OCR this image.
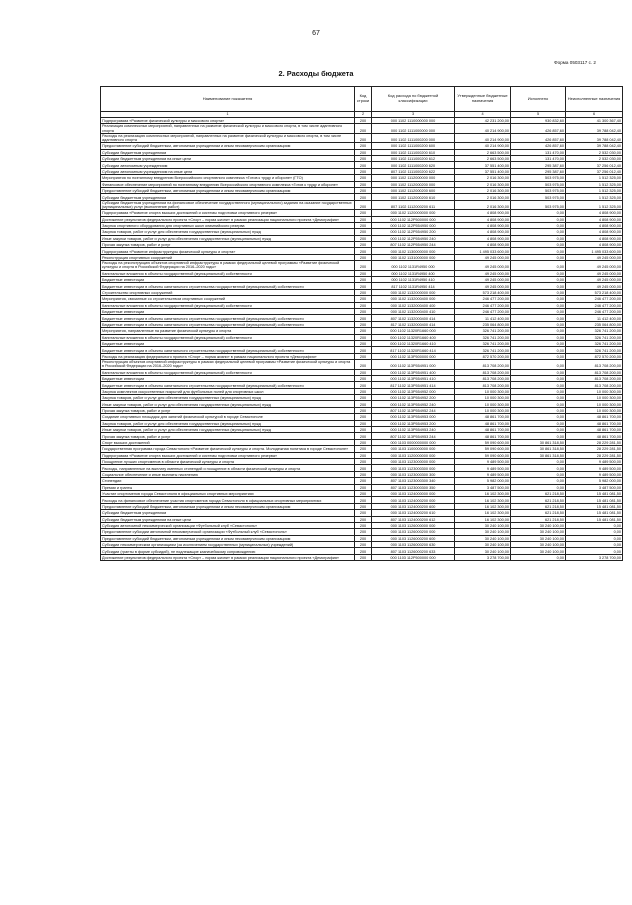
67
Форма 0503117 с. 2
2. Расходы бюджета
Наименование показателя	Код строки	Код расхода по бюджетной классификации	Утвержденные бюджетные назначения	Исполнено	Неисполненные назначения
1	2	3	4	5	6
Подпрограмма «Развитие физической культуры и массового спорта»	200	000 1102 1110000000 000	42 231 200,00	930 832,60	41 300 367,40
Реализация комплексных мероприятий, направленных на развитие физической культуры и массового спорта, в том числе адаптивного спорта	200	000 1102 1111000000 000	40 214 900,00	426 857,60	39 788 042,40
Расходы на реализацию комплексных мероприятий, направленных на развитие физической культуры и массового спорта, в том числе адаптивного спорта	200	000 1102 1111000200 000	40 214 900,00	426 857,60	39 788 042,40
Предоставление субсидий бюджетным, автономным учреждениям и иным некоммерческим организациям	200	000 1102 1111000200 600	40 214 900,00	426 857,60	39 788 042,40
Субсидии бюджетным учреждениям	200	000 1102 1111000200 610	2 663 500,00	131 470,00	2 532 030,00
Субсидии бюджетным учреждениям на иные цели	200	000 1102 1111000200 612	2 663 500,00	131 470,00	2 532 030,00
Субсидии автономным учреждениям	200	000 1102 1111000200 620	37 551 400,00	295 387,60	37 256 012,40
Субсидии автономным учреждениям на иные цели	200	807 1102 1111000200 622	37 551 400,00	295 387,60	37 256 012,40
Мероприятия по поэтапному внедрению Всероссийского спортивного комплекса «Готов к труду и обороне» (ГТО)	200	000 1102 1112000000 000	2 016 300,00	503 975,00	1 512 325,00
Финансовое обеспечение мероприятий по поэтапному внедрению Всероссийского спортивного комплекса «Готов к труду и обороне»	200	000 1102 1112000200 000	2 016 300,00	503 975,00	1 512 325,00
Предоставление субсидий бюджетным, автономным учреждениям и иным некоммерческим организациям	200	000 1102 1112000200 600	2 016 300,00	503 975,00	1 512 325,00
Субсидии бюджетным учреждениям	200	000 1102 1112000200 610	2 016 300,00	503 975,00	1 512 325,00
Субсидии бюджетным учреждениям на финансовое обеспечение государственного (муниципального) задания на оказание государственных (муниципальных) услуг (выполнение работ)	200	807 1102 1112000200 611	2 016 300,00	503 975,00	1 512 325,00
Подпрограмма «Развитие спорта высших достижений и системы подготовки спортивного резерва»	200	000 1102 1120000000 000	4 808 900,00	0,00	4 808 900,00
Достижение результатов федерального проекта «Спорт – норма жизни» в рамках реализации национального проекта «Демография»	200	000 1102 112P500000 000	4 808 900,00	0,00	4 808 900,00
Закупка спортивного оборудования для спортивных школ олимпийского резерва	200	000 1102 112P554950 000	4 808 900,00	0,00	4 808 900,00
Закупка товаров, работ и услуг для обеспечения государственных (муниципальных) нужд	200	000 1102 112P554950 200	4 808 900,00	0,00	4 808 900,00
Иные закупки товаров, работ и услуг для обеспечения государственных (муниципальных) нужд	200	000 1102 112P554950 240	4 808 900,00	0,00	4 808 900,00
Прочая закупка товаров, работ и услуг	200	807 1102 112P554950 244	4 808 900,00	0,00	4 808 900,00
Подпрограмма «Развитие инфраструктуры физической культуры и спорта»	200	000 1102 1130000000 000	1 495 033 600,00	0,00	1 495 033 600,00
Реконструкция спортивных сооружений	200	000 1102 1131000000 000	49 245 000,00	0,00	49 245 000,00
Расходы на реконструкцию объектов спортивной инфраструктуры в рамках федеральной целевой программы «Развитие физической культуры и спорта в Российской Федерации на 2016–2020 годы»	200	000 1102 1131R4950 000	49 245 000,00	0,00	49 245 000,00
Капитальные вложения в объекты государственной (муниципальной) собственности	200	000 1102 1131R4950 400	49 245 000,00	0,00	49 245 000,00
Бюджетные инвестиции	200	000 1102 1131R4950 410	49 245 000,00	0,00	49 245 000,00
Бюджетные инвестиции в объекты капитального строительства государственной (муниципальной) собственности	200	817 1102 1131R4950 414	49 245 000,00	0,00	49 245 000,00
Строительство спортивных сооружений	200	000 1102 1132000000 000	573 218 400,00	0,00	573 218 400,00
Мероприятия, связанные со строительством спортивных сооружений	200	000 1102 1132000400 000	246 477 200,00	0,00	246 477 200,00
Капитальные вложения в объекты государственной (муниципальной) собственности	200	000 1102 1132000400 400	246 477 200,00	0,00	246 477 200,00
Бюджетные инвестиции	200	000 1102 1132000400 410	246 477 200,00	0,00	246 477 200,00
Бюджетные инвестиции в объекты капитального строительства государственной (муниципальной) собственности	200	807 1102 1132000400 414	11 412 400,00	0,00	11 412 400,00
Бюджетные инвестиции в объекты капитального строительства государственной (муниципальной) собственности	200	817 1102 1132000400 414	235 064 800,00	0,00	235 064 800,00
Мероприятия, направленные на развитие физической культуры и спорта	200	000 1102 11320R1660 000	326 741 200,00	0,00	326 741 200,00
Капитальные вложения в объекты государственной (муниципальной) собственности	200	000 1102 11320R1660 400	326 741 200,00	0,00	326 741 200,00
Бюджетные инвестиции	200	000 1102 11320R1660 410	326 741 200,00	0,00	326 741 200,00
Бюджетные инвестиции в объекты капитального строительства государственной (муниципальной) собственности	200	817 1102 11320R1660 414	326 741 200,00	0,00	326 741 200,00
Расходы на реализацию федерального проекта «Спорт – норма жизни» в рамках национального проекта «Демография»	200	000 1102 113P500000 000	872 570 200,00	0,00	872 570 200,00
Реконструкция объектов спортивной инфраструктуры в рамках федеральной целевой программы «Развитие физической культуры и спорта в Российской Федерации на 2016–2020 годы»	200	000 1102 113P554951 000	813 708 200,00	0,00	813 708 200,00
Капитальные вложения в объекты государственной (муниципальной) собственности	200	000 1102 113P554951 400	813 708 200,00	0,00	813 708 200,00
Бюджетные инвестиции	200	000 1102 113P554951 410	813 708 200,00	0,00	813 708 200,00
Бюджетные инвестиции в объекты капитального строительства государственной (муниципальной) собственности	200	817 1102 113P554951 414	813 708 200,00	0,00	813 708 200,00
Закупка комплектов искусственных покрытий для футбольных полей для спортивных школ	200	000 1102 113P554952 000	10 000 300,00	0,00	10 000 300,00
Закупка товаров, работ и услуг для обеспечения государственных (муниципальных) нужд	200	000 1102 113P554952 200	10 000 300,00	0,00	10 000 300,00
Иные закупки товаров, работ и услуг для обеспечения государственных (муниципальных) нужд	200	000 1102 113P554952 240	10 000 300,00	0,00	10 000 300,00
Прочая закупка товаров, работ и услуг	200	807 1102 113P554952 244	10 000 300,00	0,00	10 000 300,00
Создание спортивных площадок для занятий физической культурой в городе Севастополе	200	000 1102 113P554953 000	48 861 700,00	0,00	48 861 700,00
Закупка товаров, работ и услуг для обеспечения государственных (муниципальных) нужд	200	000 1102 113P554953 200	48 861 700,00	0,00	48 861 700,00
Иные закупки товаров, работ и услуг для обеспечения государственных (муниципальных) нужд	200	000 1102 113P554953 240	48 861 700,00	0,00	48 861 700,00
Прочая закупка товаров, работ и услуг	200	807 1102 113P554953 244	48 861 700,00	0,00	48 861 700,00
Спорт высших достижений	200	000 1103 0000000000 000	59 090 600,00	30 861 318,50	28 229 281,50
Государственная программа города Севастополя «Развитие физической культуры и спорта. Молодежная политика в городе Севастополе»	200	000 1103 1100000000 000	59 090 600,00	30 861 318,50	28 229 281,50
Подпрограмма «Развитие спорта высших достижений и системы подготовки спортивного резерва»	200	000 1103 1120000000 000	59 090 600,00	30 861 318,50	28 229 281,50
Поощрение лучших спортсменов в области физической культуры и спорта	200	000 1103 1123000000 000	9 489 500,00	0,00	9 489 500,00
Расходы, направленные на выплату именных стипендий и поощрение в области физической культуры и спорта	200	000 1103 1123000300 000	9 489 500,00	0,00	9 489 500,00
Социальное обеспечение и иные выплаты населению	200	000 1103 1123000300 300	9 489 500,00	0,00	9 489 500,00
Стипендии	200	807 1103 1123000300 340	5 982 000,00	0,00	5 982 000,00
Премии и гранты	200	807 1103 1123000300 350	3 487 500,00	0,00	3 487 500,00
Участие спортсменов города Севастополя в официальных спортивных мероприятиях	200	000 1103 1124000000 000	16 102 300,00	621 218,50	15 481 081,50
Расходы на финансовое обеспечение участия спортсменов города Севастополя в официальных спортивных мероприятиях	200	000 1103 1124000200 000	16 102 300,00	621 218,50	15 481 081,50
Предоставление субсидий бюджетным, автономным учреждениям и иным некоммерческим организациям	200	000 1103 1124000200 600	16 102 300,00	621 218,50	15 481 081,50
Субсидии бюджетным учреждениям	200	000 1103 1124000200 610	16 102 300,00	621 218,50	15 481 081,50
Субсидии бюджетным учреждениям на иные цели	200	807 1103 1124000200 612	16 102 300,00	621 218,50	15 481 081,50
Субсидия автономной некоммерческой организации «Футбольный клуб «Севастополь»	200	000 1103 1126000000 000	30 240 100,00	30 240 100,00	0,00
Предоставление субсидии автономной некоммерческой организации «Футбольный клуб «Севастополь»	200	000 1103 1126000200 000	30 240 100,00	30 240 100,00	0,00
Предоставление субсидий бюджетным, автономным учреждениям и иным некоммерческим организациям	200	000 1103 1126000200 600	30 240 100,00	30 240 100,00	0,00
Субсидии некоммерческим организациям (за исключением государственных (муниципальных) учреждений)	200	000 1103 1126000200 630	30 240 100,00	30 240 100,00	0,00
Субсидии (гранты в форме субсидий), не подлежащие казначейскому сопровождению	200	807 1103 1126000200 633	30 240 100,00	30 240 100,00	0,00
Достижение результатов федерального проекта «Спорт – норма жизни» в рамках реализации национального проекта «Демография»	200	000 1103 112P500000 000	3 278 700,00	0,00	3 278 700,00
